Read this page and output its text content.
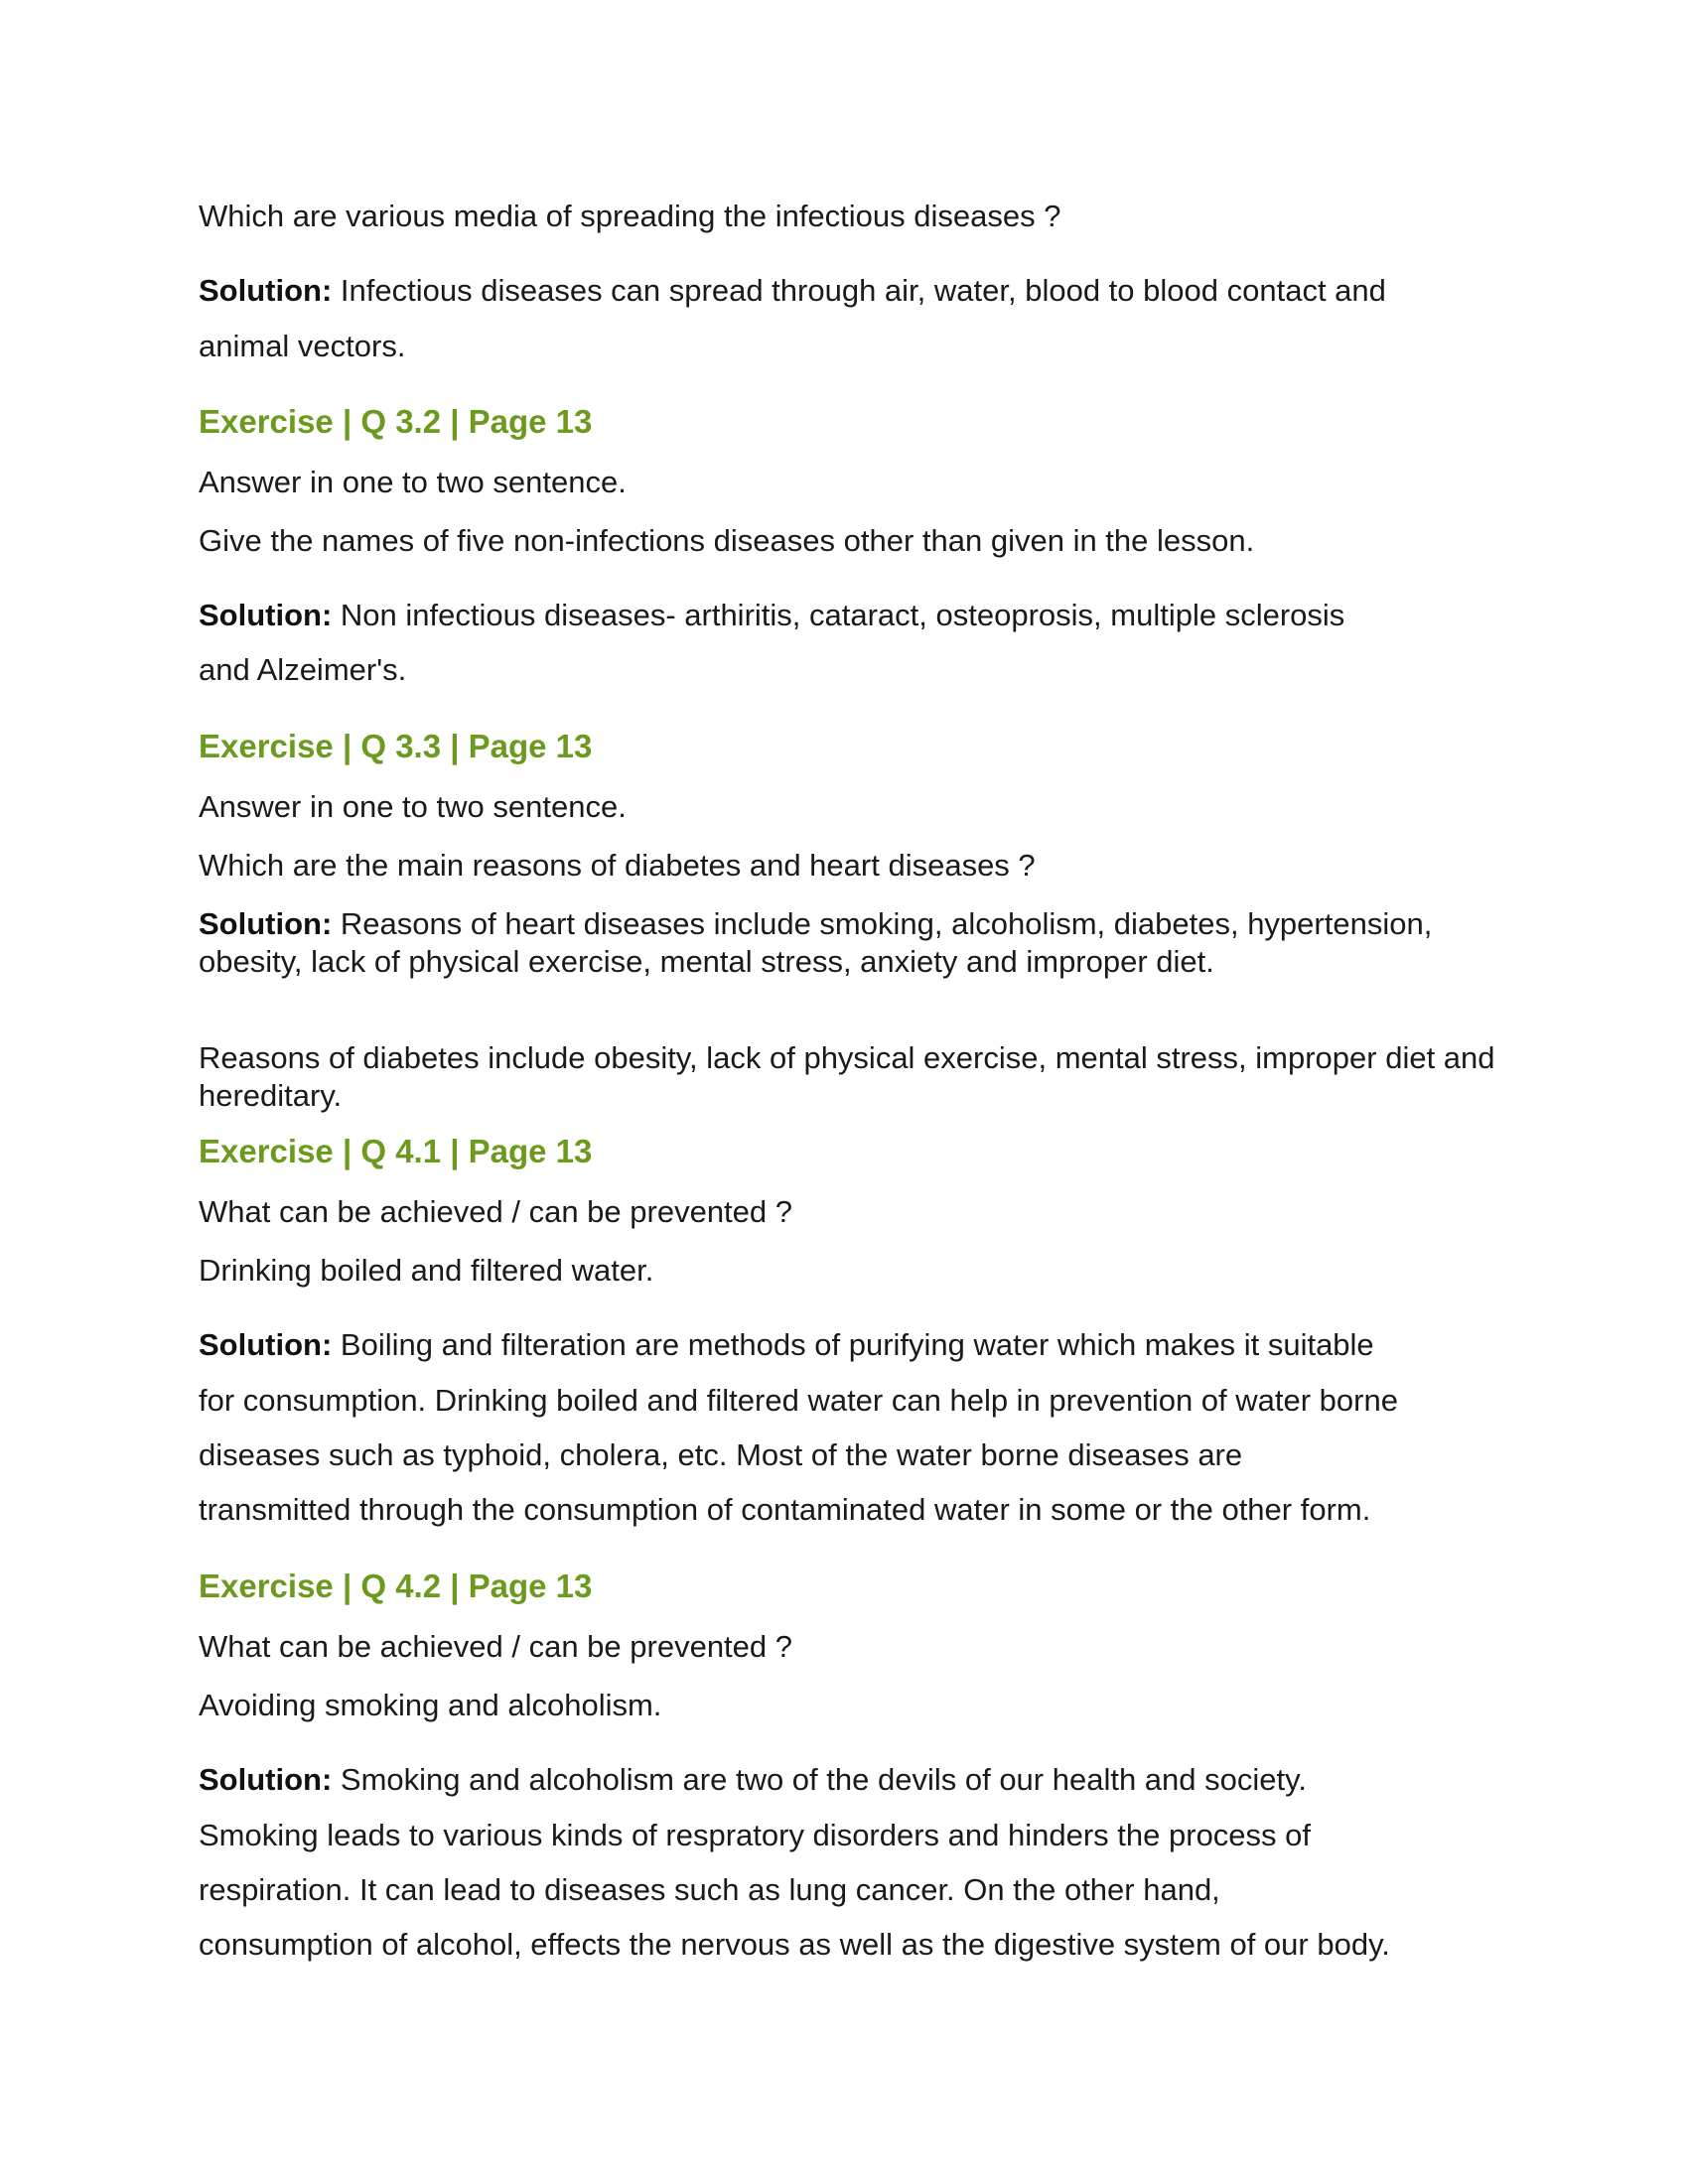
Which are various media of spreading the infectious diseases ?

Solution: Infectious diseases can spread through air, water, blood to blood contact and

animal vectors.

Exercise | Q 3.2 | Page 13

Answer in one to two sentence.

Give the names of five non-infections diseases other than given in the lesson.

Solution: Non infectious diseases- arthiritis, cataract, osteoprosis, multiple sclerosis

and Alzeimer's.

Exercise | Q 3.3 | Page 13

Answer in one to two sentence.

Which are the main reasons of diabetes and heart diseases ?

Solution: Reasons of heart diseases include smoking, alcoholism, diabetes, hypertension, obesity, lack of physical exercise, mental stress, anxiety and improper diet.

Reasons of diabetes include obesity, lack of physical exercise, mental stress, improper diet and hereditary.

Exercise | Q 4.1 | Page 13

What can be achieved / can be prevented ?

Drinking boiled and filtered water.

Solution: Boiling and filteration are methods of purifying water which makes it suitable

for consumption. Drinking boiled and filtered water can help in prevention of water borne

diseases such as typhoid, cholera, etc. Most of the water borne diseases are

transmitted through the consumption of contaminated water in some or the other form.

Exercise | Q 4.2 | Page 13

What can be achieved / can be prevented ?

Avoiding smoking and alcoholism.

Solution: Smoking and alcoholism are two of the devils of our health and society.

Smoking leads to various kinds of respratory disorders and hinders the process of

respiration. It can lead to diseases such as lung cancer. On the other hand,

consumption of alcohol, effects the nervous as well as the digestive system of our body.
